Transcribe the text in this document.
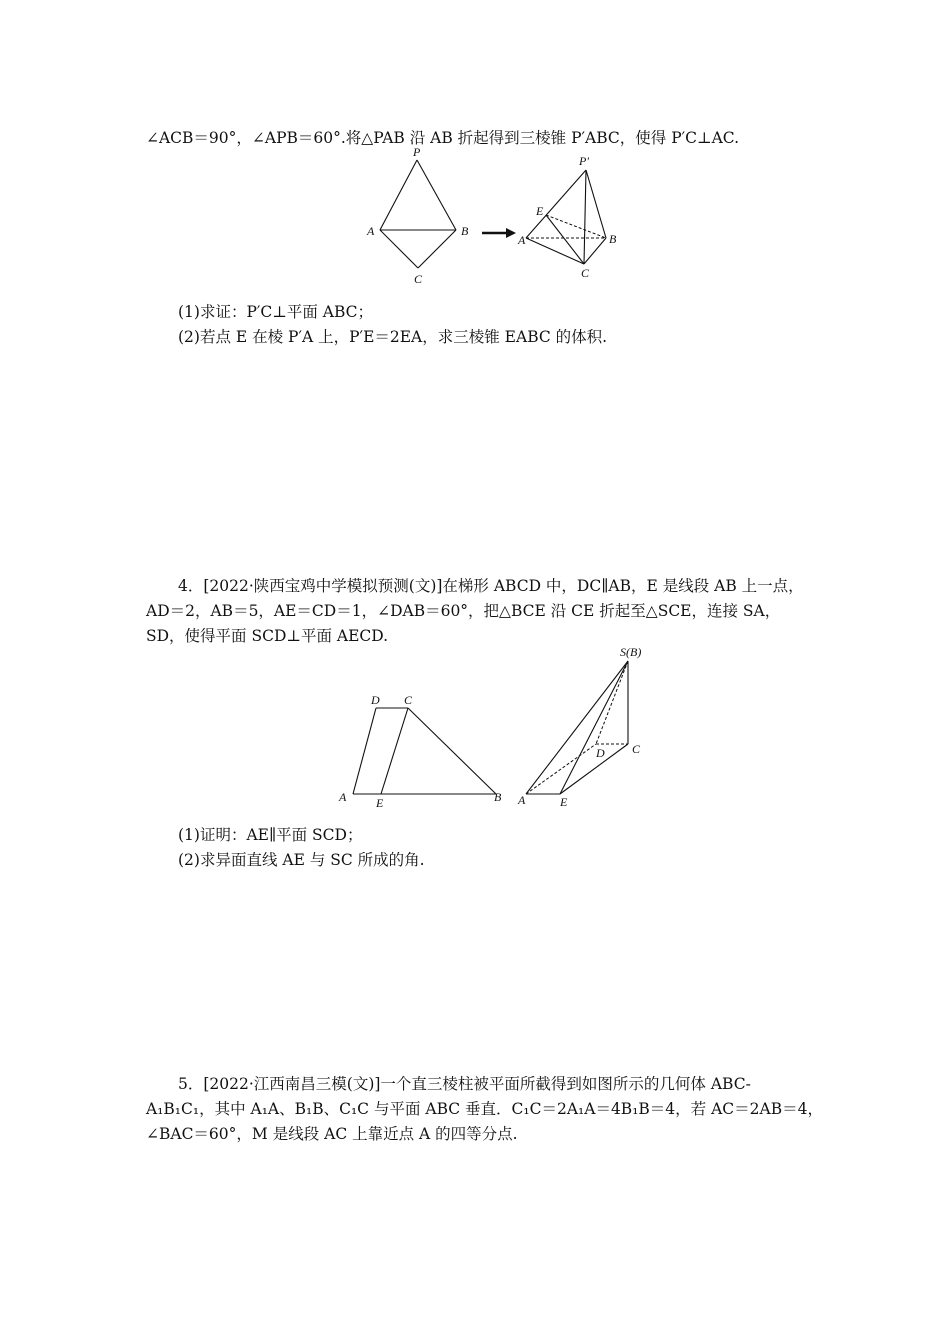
∠ACB＝90°，∠APB＝60°.将△PAB 沿 AB 折起得到三棱锥 P′ABC，使得 P′C⊥AC.
P
A	B
C
P′
E
A	B
C
(1)求证：P′C⊥平面 ABC；
(2)若点 E 在棱 P′A 上，P′E＝2EA，求三棱锥 EABC 的体积.
4．[2022·陕西宝鸡中学模拟预测(文)]在梯形 ABCD 中，DC∥AB，E 是线段 AB 上一点，
AD＝2，AB＝5，AE＝CD＝1，∠DAB＝60°，把△BCE 沿 CE 折起至△SCE，连接 SA，
SD，使得平面 SCD⊥平面 AECD.
D C
A E	B
S(B)
C
D
A	E
(1)证明：AE∥平面 SCD；
(2)求异面直线 AE 与 SC 所成的角.
5．[2022·江西南昌三模(文)]一个直三棱柱被平面所截得到如图所示的几何体 ABC-
A₁B₁C₁，其中 A₁A、B₁B、C₁C 与平面 ABC 垂直．C₁C＝2A₁A＝4B₁B＝4，若 AC＝2AB＝4，
∠BAC＝60°，M 是线段 AC 上靠近点 A 的四等分点.
